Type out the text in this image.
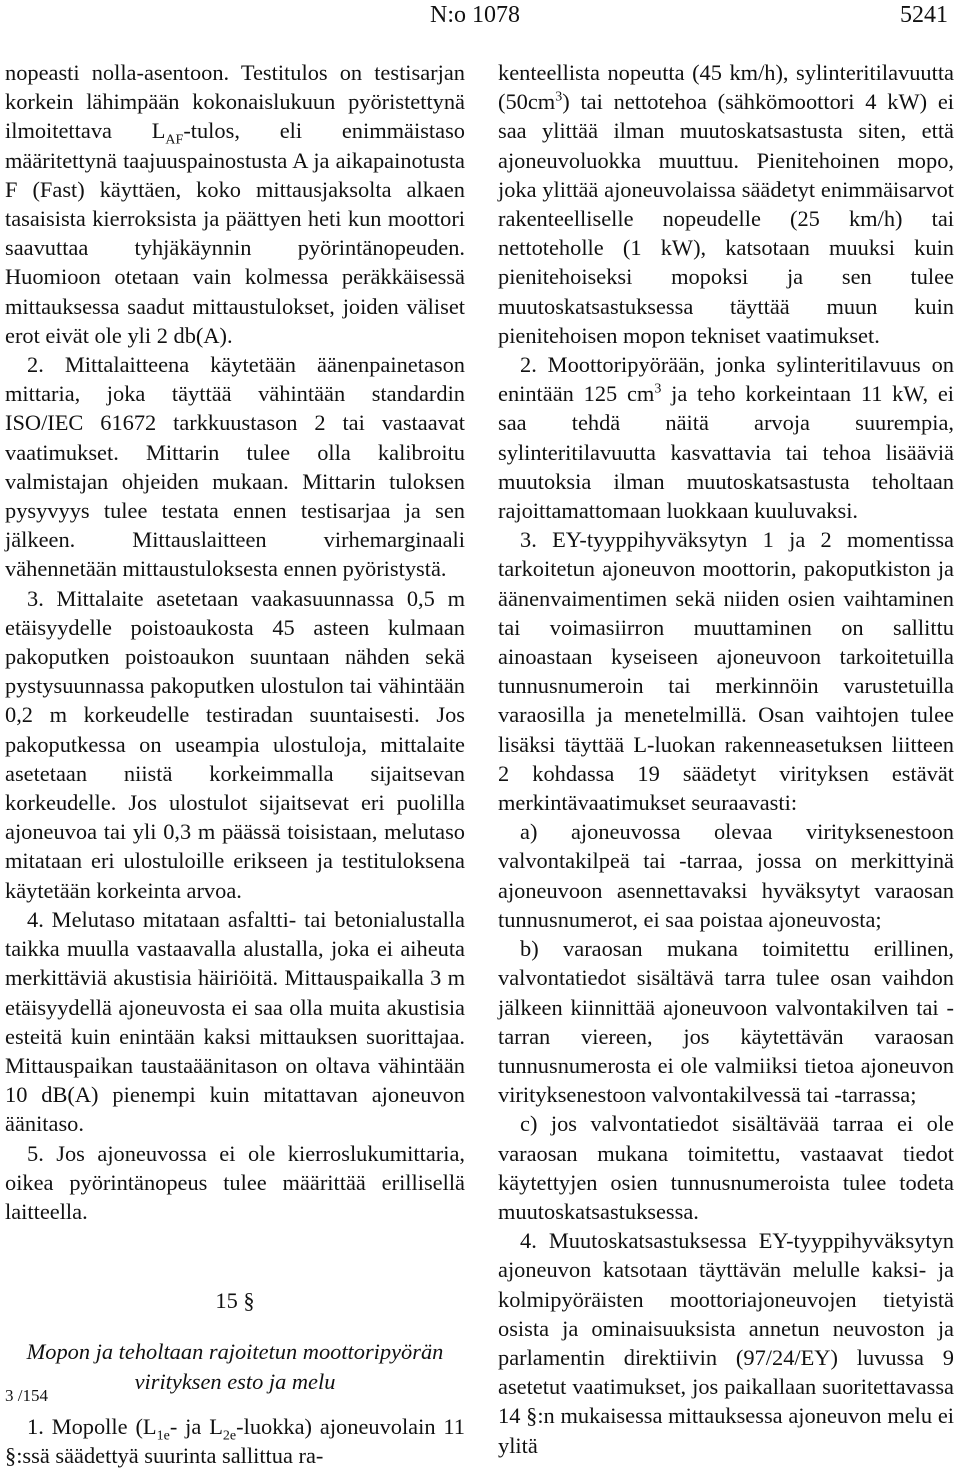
N:o 1078	5241

nopeasti nolla-asentoon. Testitulos on testisarjan korkein lähimpään kokonaislukuun pyöristettynä ilmoitettava $L_{AF}$-tulos, eli enimmäistaso määritettynä taajuuspainostusta A ja aikapainotusta F (Fast) käyttäen, koko mittausjaksolta alkaen tasaisista kierroksista ja päättyen heti kun moottori saavuttaa tyhjäkäynnin pyörintänopeuden. Huomioon otetaan vain kolmessa peräkkäisessä mittauksessa saadut mittaustulokset, joiden väliset erot eivät ole yli 2 db(A).

2. Mittalaitteena käytetään äänenpainetason mittaria, joka täyttää vähintään standardin ISO/IEC 61672 tarkkuustason 2 tai vastaavat vaatimukset. Mittarin tulee olla kalibroitu valmistajan ohjeiden mukaan. Mittarin tuloksen pysyvyys tulee testata ennen testisarjaa ja sen jälkeen. Mittauslaitteen virhemarginaali vähennetään mittaustuloksesta ennen pyöristystä.

3. Mittalaite asetetaan vaakasuunnassa 0,5 m etäisyydelle poistoaukosta 45 asteen kulmaan pakoputken poistoaukon suuntaan nähden sekä pystysuunnassa pakoputken ulostulon tai vähintään 0,2 m korkeudelle testiradan suuntaisesti. Jos pakoputkessa on useampia ulostuloja, mittalaite asetetaan niistä korkeimmalla sijaitsevan korkeudelle. Jos ulostulot sijaitsevat eri puolilla ajoneuvoa tai yli 0,3 m päässä toisistaan, melutaso mitataan eri ulostuloille erikseen ja testituloksena käytetään korkeinta arvoa.

4. Melutaso mitataan asfaltti- tai betonialustalla taikka muulla vastaavalla alustalla, joka ei aiheuta merkittäviä akustisia häiriöitä. Mittauspaikalla 3 m etäisyydellä ajoneuvosta ei saa olla muita akustisia esteitä kuin enintään kaksi mittauksen suorittajaa. Mittauspaikan taustaäänitason on oltava vähintään 10 dB(A) pienempi kuin mitattavan ajoneuvon äänitaso.

5. Jos ajoneuvossa ei ole kierroslukumittaria, oikea pyörintänopeus tulee määrittää erillisellä laitteella.

15 §

Mopon ja teholtaan rajoitetun moottoripyörän virityksen esto ja melu

1. Mopolle ($L_{1e}-$ ja $L_{2e}-luokka$) ajoneuvolain 11 §:ssä säädettyä suurinta sallittua ra-

kenteellista nopeutta (45 km/h), sylinteritilavuutta $(50cm^3)$ tai nettotehoa (sähkömoottori 4 kW) ei saa ylittää ilman muutoskatsastusta siten, että ajoneuvoluokka muuttuu. Pienitehoinen mopo, joka ylittää ajoneuvolaissa säädetyt enimmäisarvot rakenteelliselle nopeudelle (25 km/h) tai nettoteholle (1 kW), katsotaan muuksi kuin pienitehoiseksi mopoksi ja sen tulee muutoskatsastuksessa täyttää muun kuin pienitehoisen mopon tekniset vaatimukset.

2. Moottoripyörään, jonka sylinteritilavuus on enintään 125 $cm^3$ ja teho korkeintaan 11 kW, ei saa tehdä näitä arvoja suurempia, sylinteritilavuutta kasvattavia tai tehoa lisääviä muutoksia ilman muutoskatsastusta teholtaan rajoittamattomaan luokkaan kuuluvaksi.

3. EY-tyyppihyväksytyn 1 ja 2 momentissa tarkoitetun ajoneuvon moottorin, pakoputkiston ja äänenvaimentimen sekä niiden osien vaihtaminen tai voimasiirron muuttaminen on sallittu ainoastaan kyseiseen ajoneuvoon tarkoitetuilla tunnusnumeroin tai merkinnöin varustetuilla varaosilla ja menetelmillä. Osan vaihtojen tulee lisäksi täyttää L-luokan rakenneasetuksen liitteen 2 kohdassa 19 säädetyt virityksen estävät merkintävaatimukset seuraavasti:

a) ajoneuvossa olevaa virityksenestoon valvontakilpeä tai -tarraa, jossa on merkittyinä ajoneuvoon asennettavaksi hyväksytyt varaosan tunnusnumerot, ei saa poistaa ajoneuvosta;

b) varaosan mukana toimitettu erillinen, valvontatiedot sisältävä tarra tulee osan vaihdon jälkeen kiinnittää ajoneuvoon valvontakilven tai -tarran viereen, jos käytettävän varaosan tunnusnumerosta ei ole valmiiksi tietoa ajoneuvon virityksenestoon valvontakilvessä tai -tarrassa;

c) jos valvontatiedot sisältävää tarraa ei ole varaosan mukana toimitettu, vastaavat tiedot käytettyjen osien tunnusnumeroista tulee todeta muutoskatsastuksessa.

4. Muutoskatsastuksessa EY-tyyppihyväksytyn ajoneuvon katsotaan täyttävän melulle kaksi- ja kolmipyöräisten moottoriajoneuvojen tietyistä osista ja ominaisuuksista annetun neuvoston ja parlamentin direktiivin (97/24/EY) luvussa 9 asetetut vaatimukset, jos paikallaan suoritettavassa 14 §:n mukaisessa mittauksessa ajoneuvon melu ei ylitä

3 /154
